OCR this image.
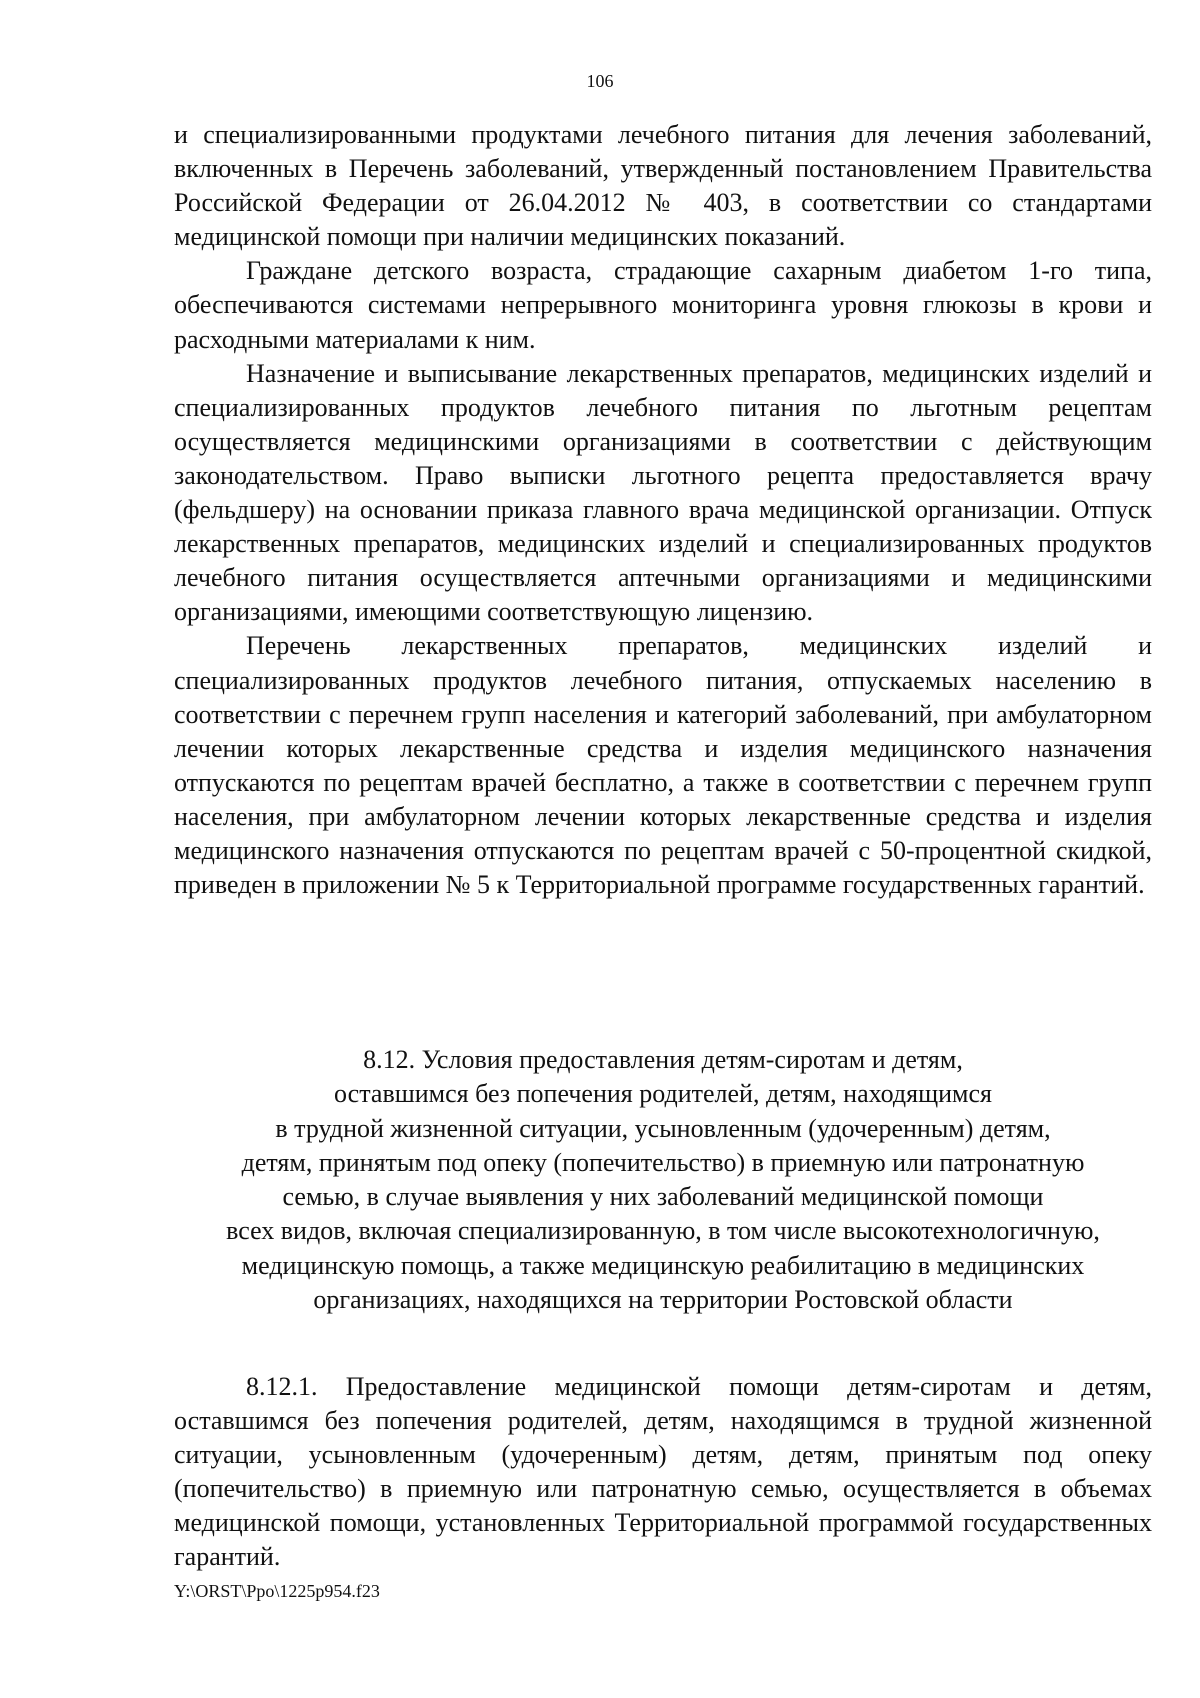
106

и специализированными продуктами лечебного питания для лечения заболеваний, включенных в Перечень заболеваний, утвержденный постановлением Правительства Российской Федерации от 26.04.2012 № 403, в соответствии со стандартами медицинской помощи при наличии медицинских показаний.

Граждане детского возраста, страдающие сахарным диабетом 1-го типа, обеспечиваются системами непрерывного мониторинга уровня глюкозы в крови и расходными материалами к ним.

Назначение и выписывание лекарственных препаратов, медицинских изделий и специализированных продуктов лечебного питания по льготным рецептам осуществляется медицинскими организациями в соответствии с действующим законодательством. Право выписки льготного рецепта предоставляется врачу (фельдшеру) на основании приказа главного врача медицинской организации. Отпуск лекарственных препаратов, медицинских изделий и специализированных продуктов лечебного питания осуществляется аптечными организациями и медицинскими организациями, имеющими соответствующую лицензию.

Перечень лекарственных препаратов, медицинских изделий и специализированных продуктов лечебного питания, отпускаемых населению в соответствии с перечнем групп населения и категорий заболеваний, при амбулаторном лечении которых лекарственные средства и изделия медицинского назначения отпускаются по рецептам врачей бесплатно, а также в соответствии с перечнем групп населения, при амбулаторном лечении которых лекарственные средства и изделия медицинского назначения отпускаются по рецептам врачей с 50-процентной скидкой, приведен в приложении № 5 к Территориальной программе государственных гарантий.

8.12. Условия предоставления детям-сиротам и детям,
оставшимся без попечения родителей, детям, находящимся
в трудной жизненной ситуации, усыновленным (удочеренным) детям,
детям, принятым под опеку (попечительство) в приемную или патронатную
семью, в случае выявления у них заболеваний медицинской помощи
всех видов, включая специализированную, в том числе высокотехнологичную,
медицинскую помощь, а также медицинскую реабилитацию в медицинских
организациях, находящихся на территории Ростовской области

8.12.1. Предоставление медицинской помощи детям-сиротам и детям, оставшимся без попечения родителей, детям, находящимся в трудной жизненной ситуации, усыновленным (удочеренным) детям, детям, принятым под опеку (попечительство) в приемную или патронатную семью, осуществляется в объемах медицинской помощи, установленных Территориальной программой государственных гарантий.

Y:\ORST\Ppo\1225p954.f23
